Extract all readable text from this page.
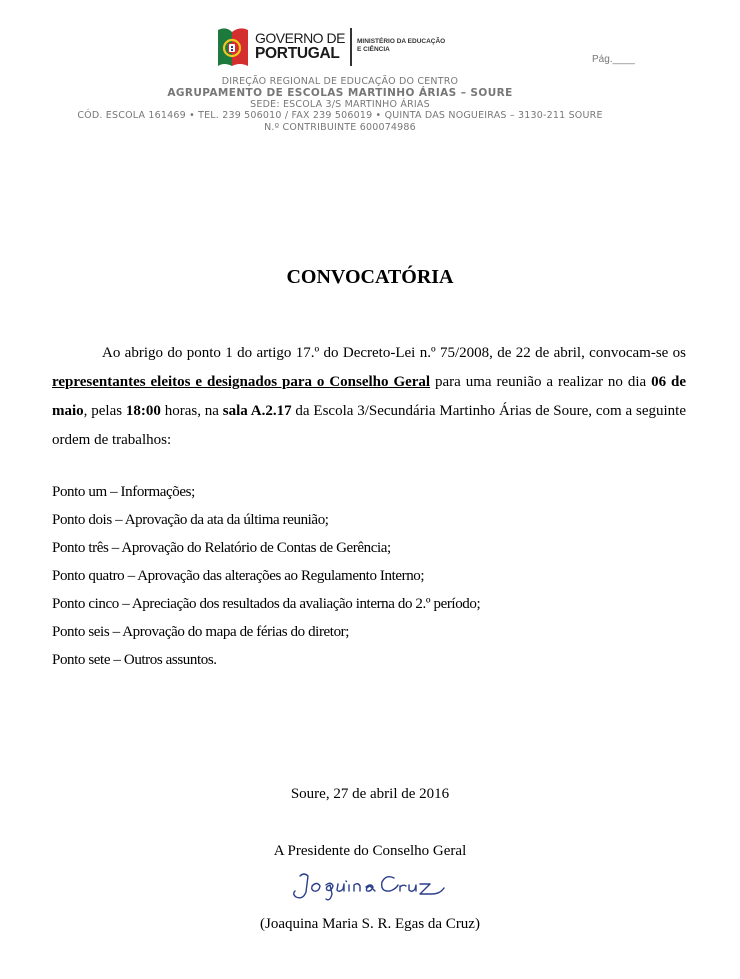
GOVERNO DE
PORTUGAL
MINISTÉRIO DA EDUCAÇÃO
E CIÊNCIA
Pág.____
DIREÇÃO REGIONAL DE EDUCAÇÃO DO CENTRO
AGRUPAMENTO DE ESCOLAS MARTINHO ÁRIAS – SOURE
SEDE: ESCOLA 3/S MARTINHO ÁRIAS
CÓD. ESCOLA 161469 • TEL. 239 506010 / FAX 239 506019 • QUINTA DAS NOGUEIRAS – 3130-211 SOURE
N.º CONTRIBUINTE 600074986
CONVOCATÓRIA

Ao abrigo do ponto 1 do artigo 17.º do Decreto-Lei n.º 75/2008, de 22 de abril, convocam-se os representantes eleitos e designados para o Conselho Geral para uma reunião a realizar no dia 06 de maio, pelas 18:00 horas, na sala A.2.17 da Escola 3/Secundária Martinho Árias de Soure, com a seguinte ordem de trabalhos:

Ponto um – Informações;
Ponto dois – Aprovação da ata da última reunião;
Ponto três – Aprovação do Relatório de Contas de Gerência;
Ponto quatro – Aprovação das alterações ao Regulamento Interno;
Ponto cinco – Apreciação dos resultados da avaliação interna do 2.º período;
Ponto seis – Aprovação do mapa de férias do diretor;
Ponto sete – Outros assuntos.
Soure, 27 de abril de 2016
A Presidente do Conselho Geral
(Joaquina Maria S. R. Egas da Cruz)
